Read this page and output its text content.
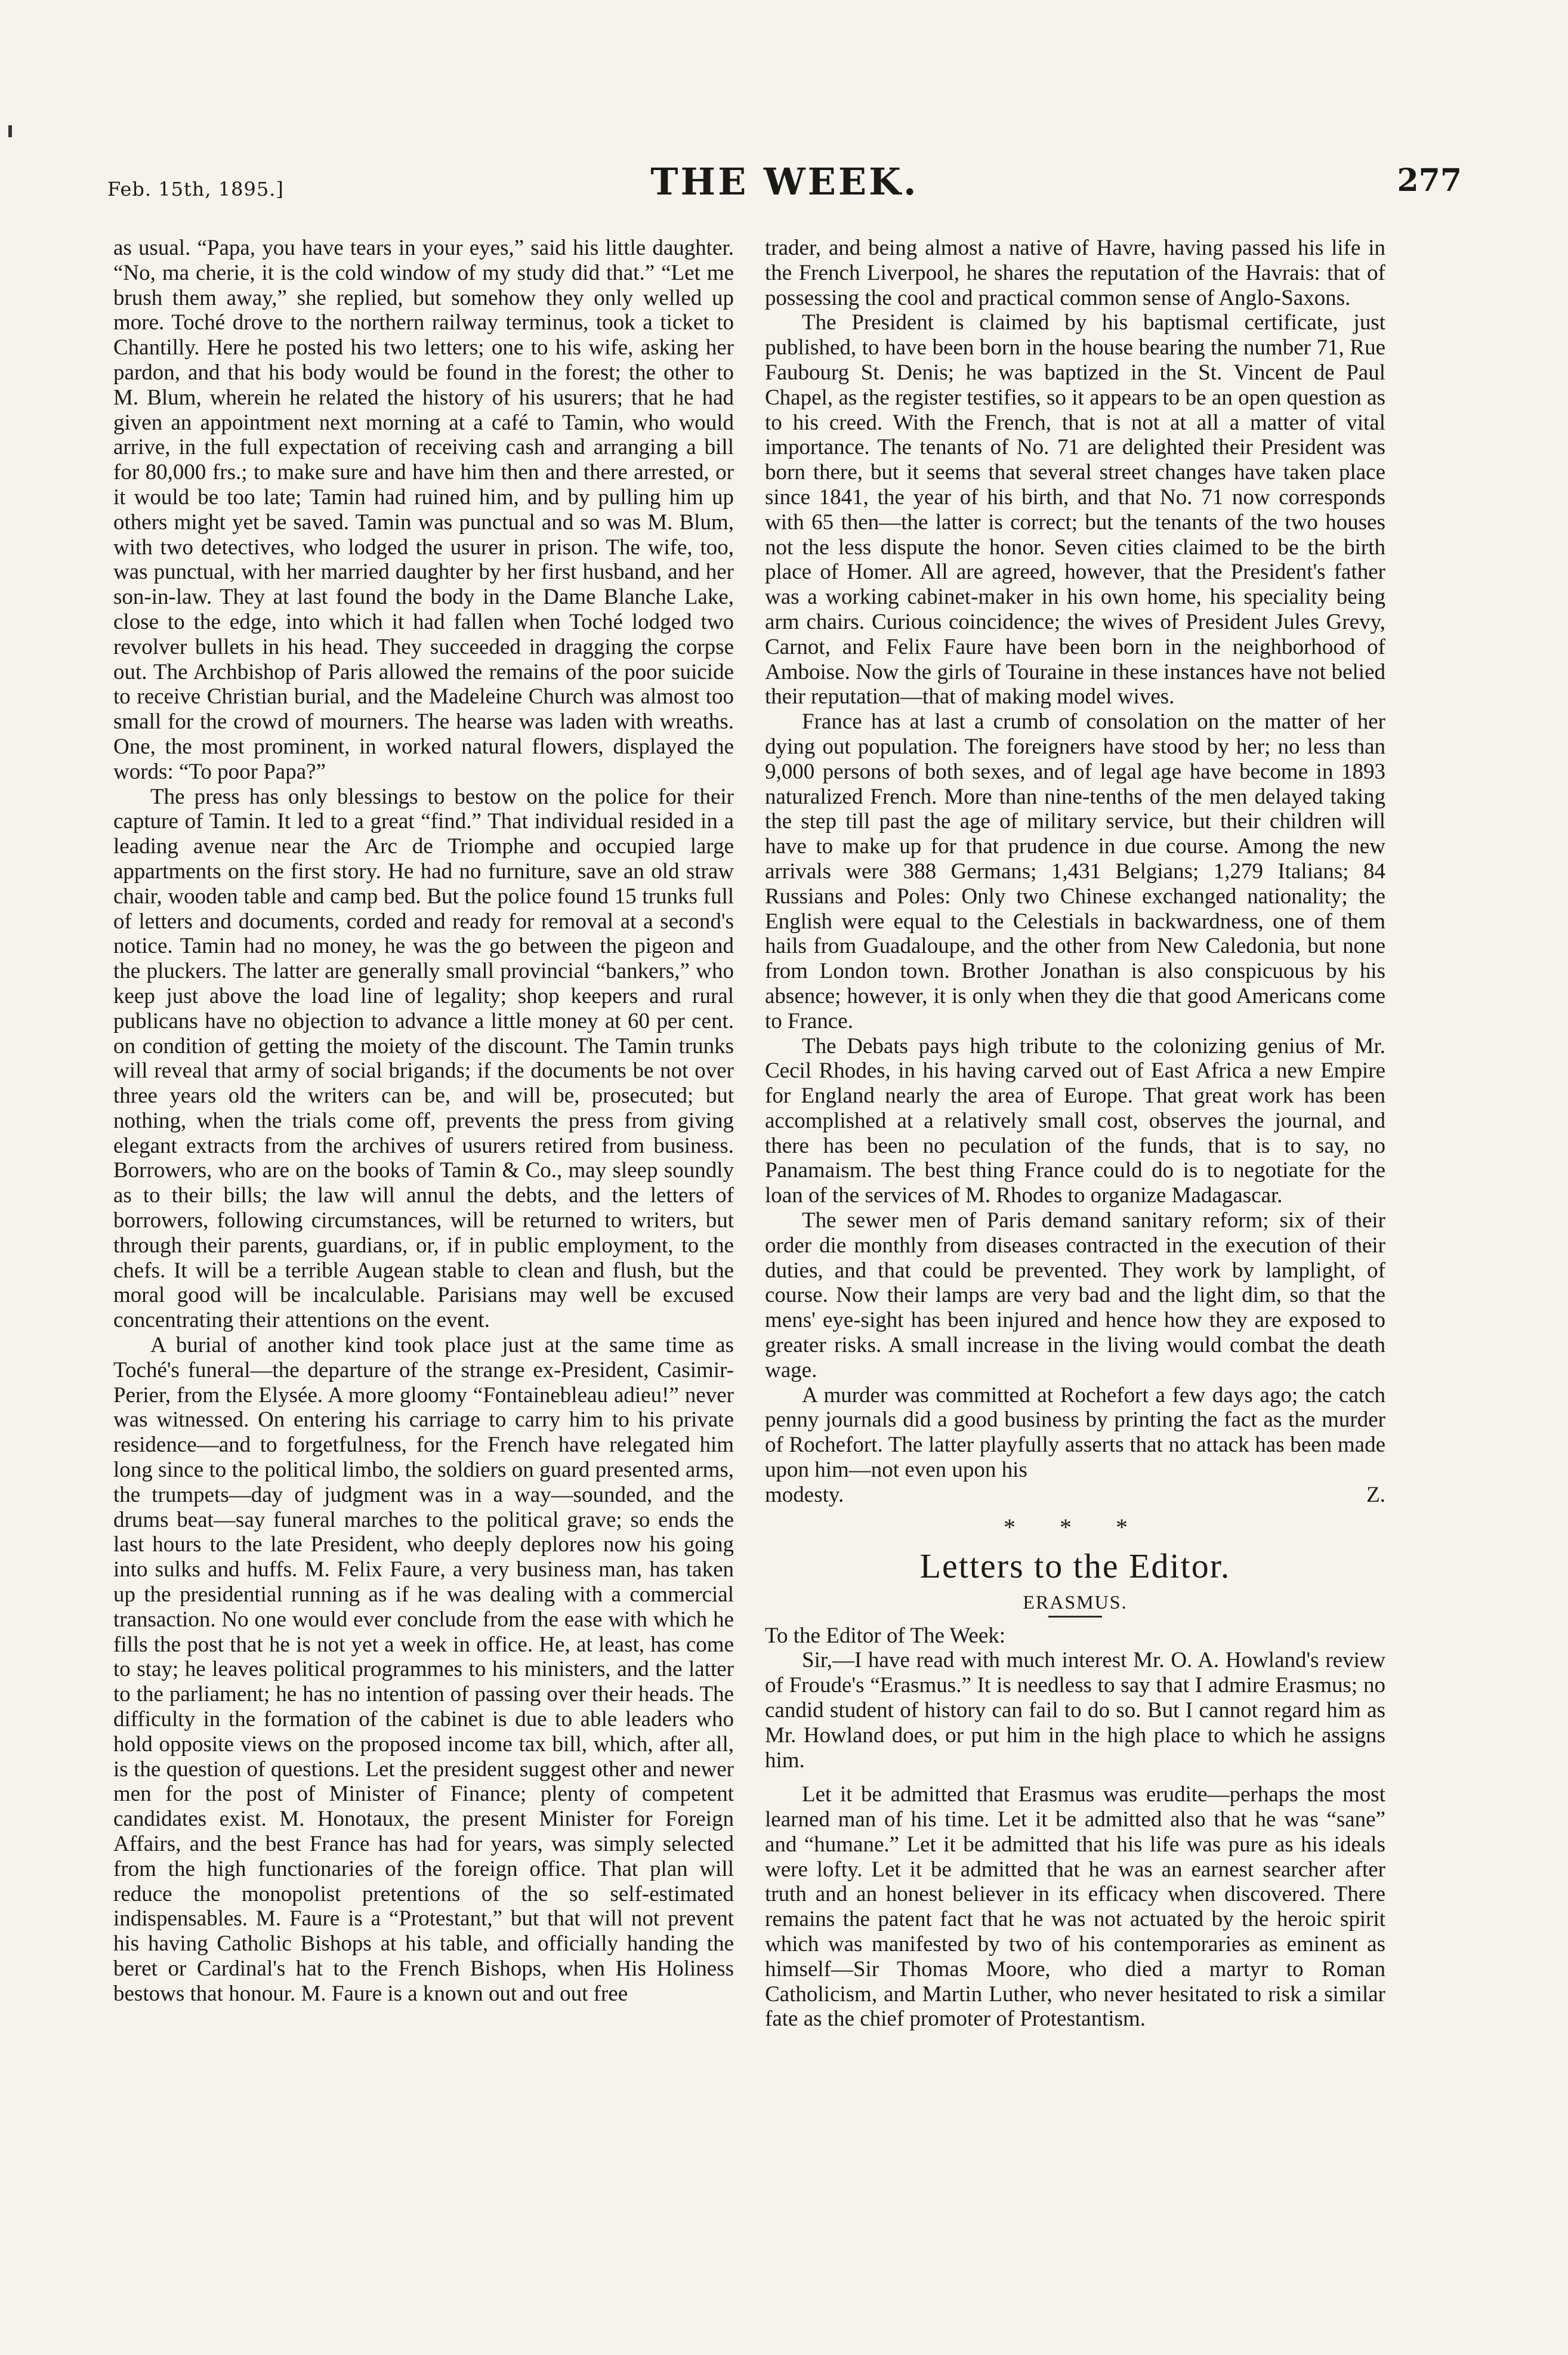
Feb. 15th, 1895.]	THE WEEK.	277

as usual. “Papa, you have tears in your eyes,” said his little daughter. “No, ma cherie, it is the cold window of my study did that.” “Let me brush them away,” she replied, but somehow they only welled up more. Toché drove to the northern railway terminus, took a ticket to Chantilly. Here he posted his two letters; one to his wife, asking her pardon, and that his body would be found in the forest; the other to M. Blum, wherein he related the history of his usurers; that he had given an appointment next morning at a café to Tamin, who would arrive, in the full expectation of receiving cash and arranging a bill for 80,000 frs.; to make sure and have him then and there arrested, or it would be too late; Tamin had ruined him, and by pulling him up others might yet be saved. Tamin was punctual and so was M. Blum, with two detectives, who lodged the usurer in prison. The wife, too, was punctual, with her married daughter by her first husband, and her son-in-law. They at last found the body in the Dame Blanche Lake, close to the edge, into which it had fallen when Toché lodged two revolver bullets in his head. They succeeded in dragging the corpse out. The Archbishop of Paris allowed the remains of the poor suicide to receive Christian burial, and the Madeleine Church was almost too small for the crowd of mourners. The hearse was laden with wreaths. One, the most prominent, in worked natural flowers, displayed the words: “To poor Papa?”

The press has only blessings to bestow on the police for their capture of Tamin. It led to a great “find.” That individual resided in a leading avenue near the Arc de Triomphe and occupied large appartments on the first story. He had no furniture, save an old straw chair, wooden table and camp bed. But the police found 15 trunks full of letters and documents, corded and ready for removal at a second's notice. Tamin had no money, he was the go between the pigeon and the pluckers. The latter are generally small provincial “bankers,” who keep just above the load line of legality; shop keepers and rural publicans have no objection to advance a little money at 60 per cent. on condition of getting the moiety of the discount. The Tamin trunks will reveal that army of social brigands; if the documents be not over three years old the writers can be, and will be, prosecuted; but nothing, when the trials come off, prevents the press from giving elegant extracts from the archives of usurers retired from business. Borrowers, who are on the books of Tamin & Co., may sleep soundly as to their bills; the law will annul the debts, and the letters of borrowers, following circumstances, will be returned to writers, but through their parents, guardians, or, if in public employment, to the chefs. It will be a terrible Augean stable to clean and flush, but the moral good will be incalculable. Parisians may well be excused concentrating their attentions on the event.

A burial of another kind took place just at the same time as Toché's funeral—the departure of the strange ex-President, Casimir-Perier, from the Elysée. A more gloomy “Fontainebleau adieu!” never was witnessed. On entering his carriage to carry him to his private residence—and to forgetfulness, for the French have relegated him long since to the political limbo, the soldiers on guard presented arms, the trumpets—day of judgment was in a way—sounded, and the drums beat—say funeral marches to the political grave; so ends the last hours to the late President, who deeply deplores now his going into sulks and huffs. M. Felix Faure, a very business man, has taken up the presidential running as if he was dealing with a commercial transaction. No one would ever conclude from the ease with which he fills the post that he is not yet a week in office. He, at least, has come to stay; he leaves political programmes to his ministers, and the latter to the parliament; he has no intention of passing over their heads. The difficulty in the formation of the cabinet is due to able leaders who hold opposite views on the proposed income tax bill, which, after all, is the question of questions. Let the president suggest other and newer men for the post of Minister of Finance; plenty of competent candidates exist. M. Honotaux, the present Minister for Foreign Affairs, and the best France has had for years, was simply selected from the high functionaries of the foreign office. That plan will reduce the monopolist pretentions of the so self-estimated indispensables. M. Faure is a “Protestant,” but that will not prevent his having Catholic Bishops at his table, and officially handing the beret or Cardinal's hat to the French Bishops, when His Holiness bestows that honour. M. Faure is a known out and out free

trader, and being almost a native of Havre, having passed his life in the French Liverpool, he shares the reputation of the Havrais: that of possessing the cool and practical common sense of Anglo-Saxons.

The President is claimed by his baptismal certificate, just published, to have been born in the house bearing the number 71, Rue Faubourg St. Denis; he was baptized in the St. Vincent de Paul Chapel, as the register testifies, so it appears to be an open question as to his creed. With the French, that is not at all a matter of vital importance. The tenants of No. 71 are delighted their President was born there, but it seems that several street changes have taken place since 1841, the year of his birth, and that No. 71 now corresponds with 65 then—the latter is correct; but the tenants of the two houses not the less dispute the honor. Seven cities claimed to be the birth place of Homer. All are agreed, however, that the President's father was a working cabinet-maker in his own home, his speciality being arm chairs. Curious coincidence; the wives of President Jules Grevy, Carnot, and Felix Faure have been born in the neighborhood of Amboise. Now the girls of Touraine in these instances have not belied their reputation—that of making model wives.

France has at last a crumb of consolation on the matter of her dying out population. The foreigners have stood by her; no less than 9,000 persons of both sexes, and of legal age have become in 1893 naturalized French. More than nine-tenths of the men delayed taking the step till past the age of military service, but their children will have to make up for that prudence in due course. Among the new arrivals were 388 Germans; 1,431 Belgians; 1,279 Italians; 84 Russians and Poles: Only two Chinese exchanged nationality; the English were equal to the Celestials in backwardness, one of them hails from Guadaloupe, and the other from New Caledonia, but none from London town. Brother Jonathan is also conspicuous by his absence; however, it is only when they die that good Americans come to France.

The Debats pays high tribute to the colonizing genius of Mr. Cecil Rhodes, in his having carved out of East Africa a new Empire for England nearly the area of Europe. That great work has been accomplished at a relatively small cost, observes the journal, and there has been no peculation of the funds, that is to say, no Panamaism. The best thing France could do is to negotiate for the loan of the services of M. Rhodes to organize Madagascar.

The sewer men of Paris demand sanitary reform; six of their order die monthly from diseases contracted in the execution of their duties, and that could be prevented. They work by lamplight, of course. Now their lamps are very bad and the light dim, so that the mens' eye-sight has been injured and hence how they are exposed to greater risks. A small increase in the living would combat the death wage.

A murder was committed at Rochefort a few days ago; the catch penny journals did a good business by printing the fact as the murder of Rochefort. The latter playfully asserts that no attack has been made upon him—not even upon his

modesty.	Z.
* * *
Letters to the Editor.
ERASMUS.

To the Editor of The Week:

Sir,—I have read with much interest Mr. O. A. Howland's review of Froude's “Erasmus.” It is needless to say that I admire Erasmus; no candid student of history can fail to do so. But I cannot regard him as Mr. Howland does, or put him in the high place to which he assigns him.

Let it be admitted that Erasmus was erudite—perhaps the most learned man of his time. Let it be admitted also that he was “sane” and “humane.” Let it be admitted that his life was pure as his ideals were lofty. Let it be admitted that he was an earnest searcher after truth and an honest believer in its efficacy when discovered. There remains the patent fact that he was not actuated by the heroic spirit which was manifested by two of his contemporaries as eminent as himself—Sir Thomas Moore, who died a martyr to Roman Catholicism, and Martin Luther, who never hesitated to risk a similar fate as the chief promoter of Protestantism.
